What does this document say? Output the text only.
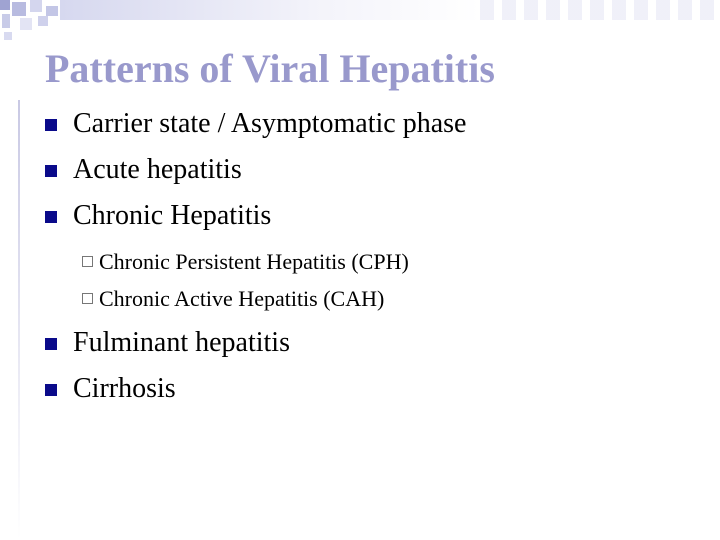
Patterns of Viral Hepatitis
Carrier state / Asymptomatic phase
Acute hepatitis
Chronic Hepatitis
Chronic Persistent Hepatitis (CPH)
Chronic Active Hepatitis (CAH)
Fulminant hepatitis
Cirrhosis
